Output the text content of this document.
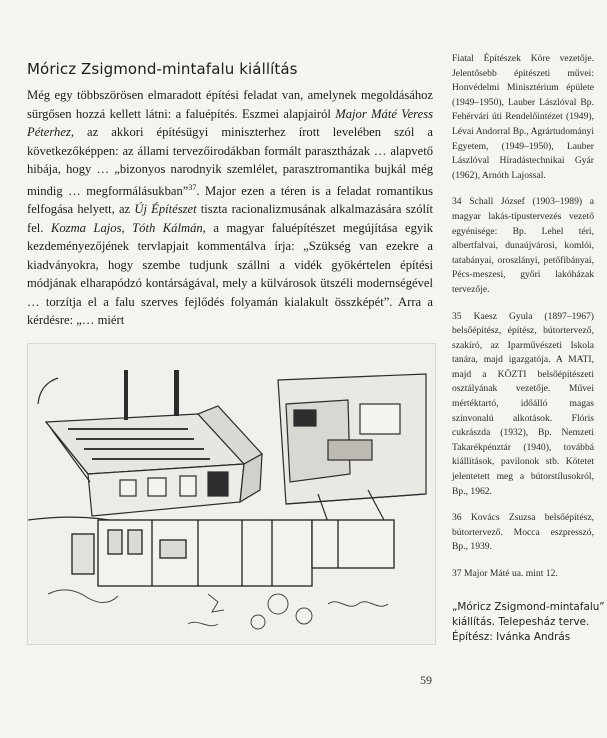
Móricz Zsigmond-mintafalu kiállítás

Még egy többszörösen elmaradott építési feladat van, amelynek megoldásához sürgősen hozzá kellett látni: a faluépítés. Eszmei alapjairól Major Máté Veress Péterhez, az akkori építésügyi miniszterhez írott levelében szól a következőképpen: az állami tervezőirodákban formált parasztházak … alapvető hibája, hogy … „bizonyos narodnyik szemlélet, parasztromantika bujkál még mindig … megformálásukban”$^{37}$. Major ezen a téren is a feladat romantikus felfogása helyett, az Új Építészet tiszta racionalizmusának alkalmazására szólít fel. Kozma Lajos, Tóth Kálmán, a magyar faluépítészet megújítása egyik kezdeményezőjének tervlapjait kommentálva írja: „Szükség van ezekre a kiadványokra, hogy szembe tudjunk szállni a vidék gyökértelen építési módjának elharapódzó kontárságával, mely a külvárosok ütszéli modernségével … torzítja el a falu szerves fejlődés folyamán kialakult összképét”. Arra a kérdésre: „… miért

Fiatal Építészek Köre vezetője. Jelentősebb építészeti művei: Honvédelmi Minisztérium épülete (1949–1950), Lauber Lászlóval Bp. Fehérvári úti Rendelőintézet (1949), Lévai Andorral Bp., Agrártudományi Egyetem, (1949–1950), Lauber Lászlóval Híradástechnikai Gyár (1962), Arnóth Lajossal.

34 Schall József (1903–1989) a magyar lakás-típustervezés vezető egyénisége: Bp. Lehel téri, albertfalvai, dunaújvárosi, komlói, tatabányai, oroszlányi, petőfibányai, Pécs-meszesi, győri lakóházak tervezője.

35 Kaesz Gyula (1897–1967) belsőépítész, építész, bútortervező, szakíró, az Iparművészeti Iskola tanára, majd igazgatója. A MATI, majd a KÖZTI belsőépítészeti osztályának vezetője. Művei mértéktartó, időálló magas színvonalú alkotások. Flóris cukrászda (1932), Bp. Nemzeti Takarékpénztár (1940), továbbá kiállítások, pavilonok stb. Kötetet jelentetett meg a bútorstílusokról, Bp., 1962.

36 Kovács Zsuzsa belsőépítész, bútortervező. Mocca eszpresszó, Bp., 1939.

37 Major Máté ua. mint 12.

„Móricz Zsigmond-mintafalu”
kiállítás. Telepesház terve.
Építész: Ivánka András
59
